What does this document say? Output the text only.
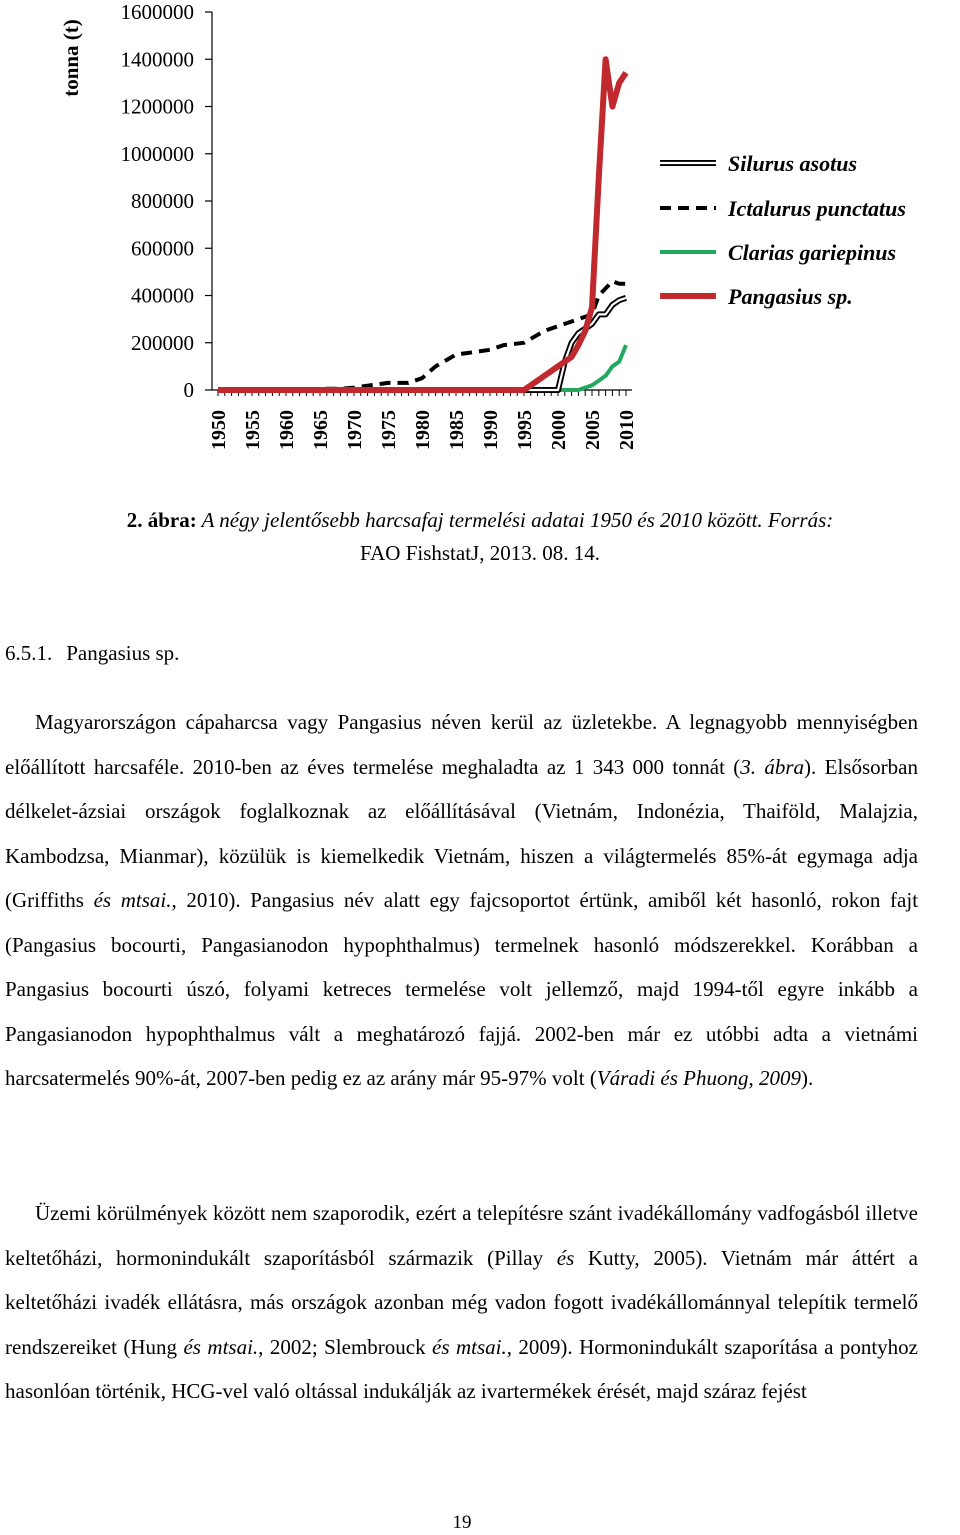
tonna (t)
1600000
1400000
1200000
1000000
800000
600000
400000
200000
0
1950 1955 1960 1965 1970 1975 1980 1985 1990 1995 2000 2005 2010
Silurus asotus
Ictalurus punctatus
Clarias gariepinus
Pangasius sp.
2. ábra: A négy jelentősebb harcsafaj termelési adatai 1950 és 2010 között. Forrás:
FAO FishstatJ, 2013. 08. 14.
6.5.1. Pangasius sp.

Magyarországon cápaharcsa vagy Pangasius néven kerül az üzletekbe. A legnagyobb mennyiségben előállított harcsaféle. 2010-ben az éves termelése meghaladta az 1 343 000 tonnát (3. ábra). Elsősorban délkelet-ázsiai országok foglalkoznak az előállításával (Vietnám, Indonézia, Thaiföld, Malajzia, Kambodzsa, Mianmar), közülük is kiemelkedik Vietnám, hiszen a világtermelés 85%-át egymaga adja (Griffiths és mtsai., 2010). Pangasius név alatt egy fajcsoportot értünk, amiből két hasonló, rokon fajt (Pangasius bocourti, Pangasianodon hypophthalmus) termelnek hasonló módszerekkel. Korábban a Pangasius bocourti úszó, folyami ketreces termelése volt jellemző, majd 1994-től egyre inkább a Pangasianodon hypophthalmus vált a meghatározó fajjá. 2002-ben már ez utóbbi adta a vietnámi harcsatermelés 90%-át, 2007-ben pedig ez az arány már 95-97% volt (Váradi és Phuong, 2009).

Üzemi körülmények között nem szaporodik, ezért a telepítésre szánt ivadékállomány vadfogásból illetve keltetőházi, hormonindukált szaporításból származik (Pillay és Kutty, 2005). Vietnám már áttért a keltetőházi ivadék ellátásra, más országok azonban még vadon fogott ivadékállománnyal telepítik termelő rendszereiket (Hung és mtsai., 2002; Slembrouck és mtsai., 2009). Hormonindukált szaporítása a pontyhoz hasonlóan történik, HCG-vel való oltással indukálják az ivartermékek érését, majd száraz fejést

19
